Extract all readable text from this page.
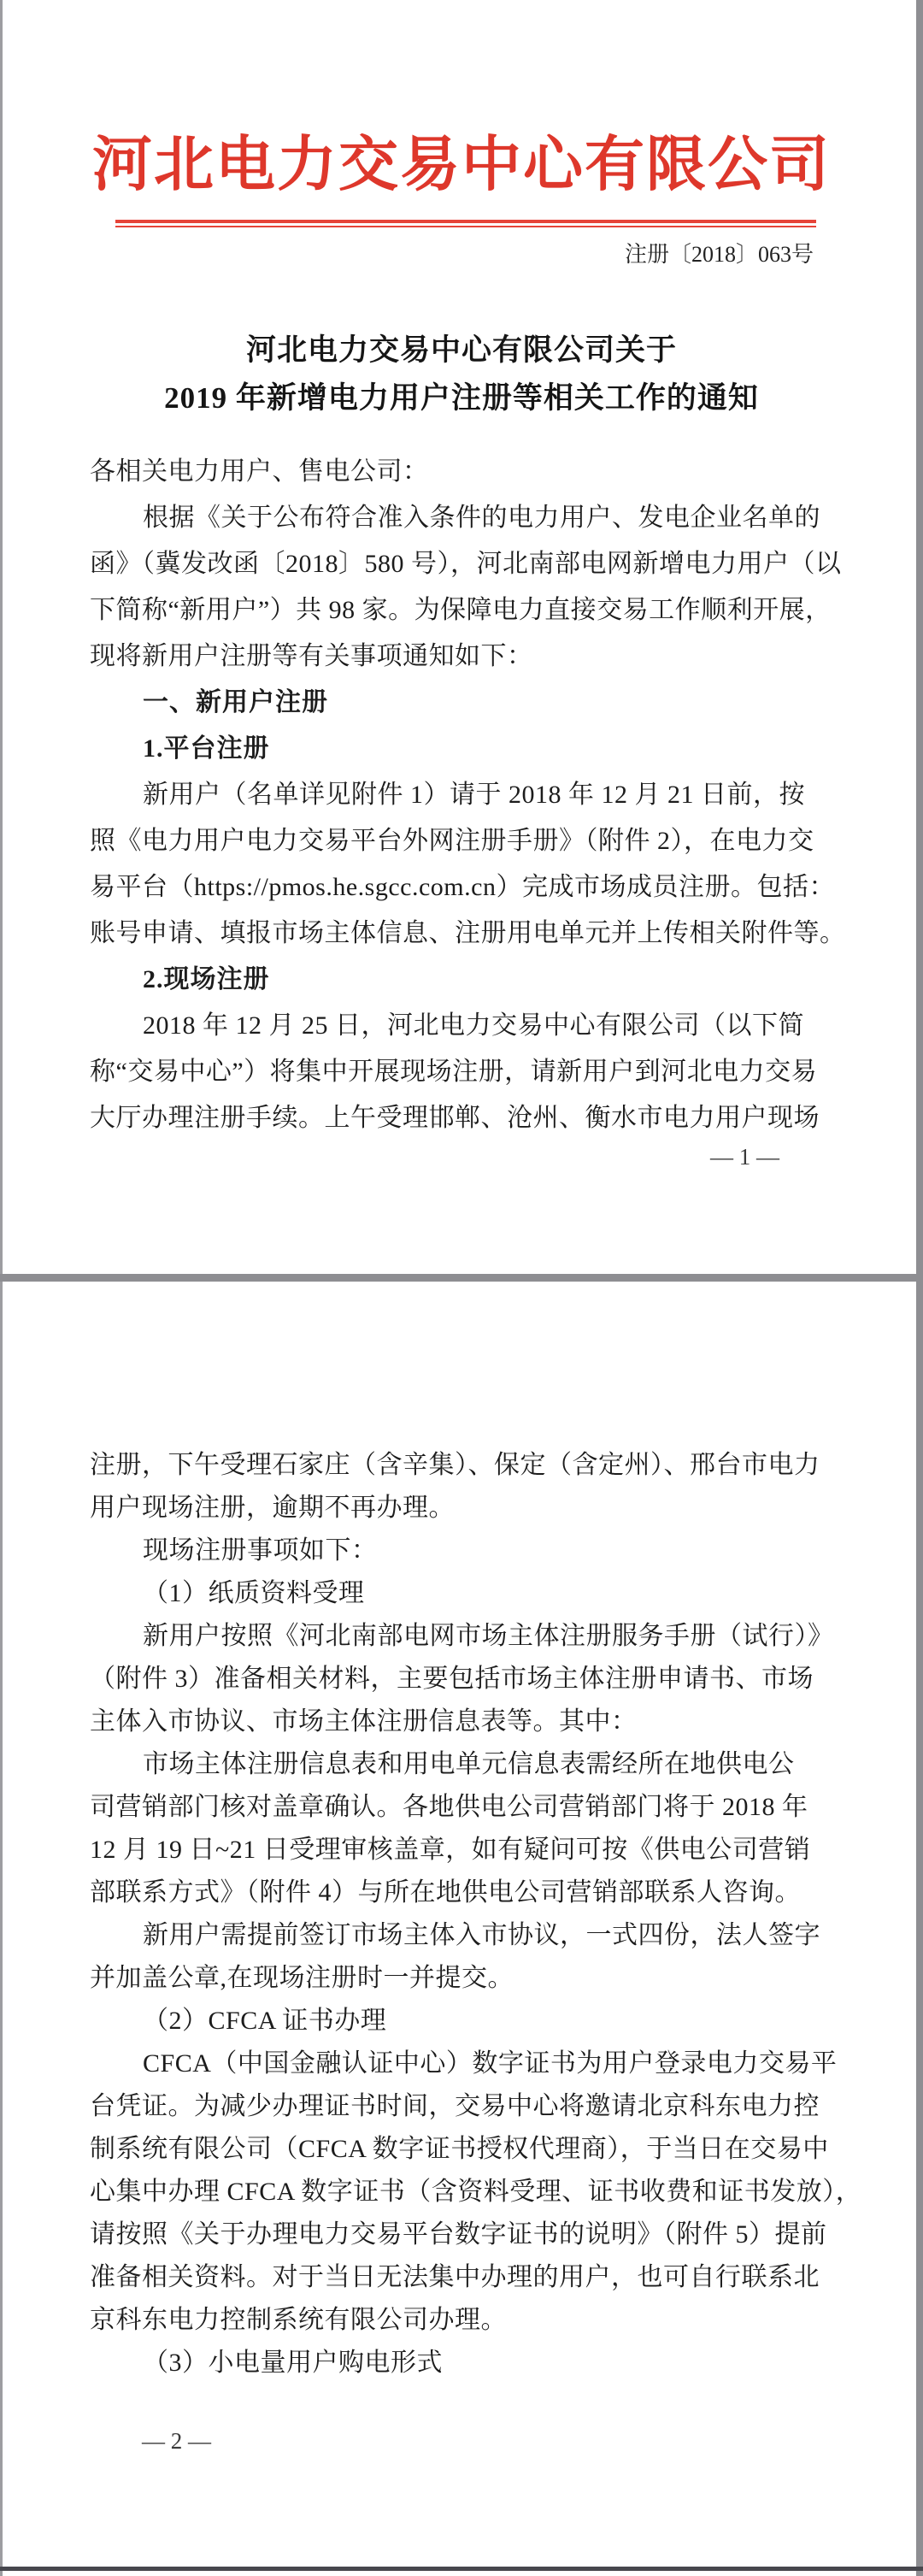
河北电力交易中心有限公司
注册〔2018〕063号
河北电力交易中心有限公司关于
2019 年新增电力用户注册等相关工作的通知
各相关电力用户、售电公司：
根据《关于公布符合准入条件的电力用户、发电企业名单的
函》（冀发改函〔2018〕580 号），河北南部电网新增电力用户（以
下简称“新用户”）共 98 家。为保障电力直接交易工作顺利开展，
现将新用户注册等有关事项通知如下：
一、新用户注册
1.平台注册
新用户（名单详见附件 1）请于 2018 年 12 月 21 日前，按
照《电力用户电力交易平台外网注册手册》（附件 2），在电力交
易平台（https://pmos.he.sgcc.com.cn）完成市场成员注册。包括：
账号申请、填报市场主体信息、注册用电单元并上传相关附件等。
2.现场注册
2018 年 12 月 25 日，河北电力交易中心有限公司（以下简
称“交易中心”）将集中开展现场注册，请新用户到河北电力交易
大厅办理注册手续。上午受理邯郸、沧州、衡水市电力用户现场
— 1 —
注册，下午受理石家庄（含辛集）、保定（含定州）、邢台市电力
用户现场注册，逾期不再办理。
现场注册事项如下：
（1）纸质资料受理
新用户按照《河北南部电网市场主体注册服务手册（试行）》
（附件 3）准备相关材料，主要包括市场主体注册申请书、市场
主体入市协议、市场主体注册信息表等。其中：
市场主体注册信息表和用电单元信息表需经所在地供电公
司营销部门核对盖章确认。各地供电公司营销部门将于 2018 年
12 月 19 日~21 日受理审核盖章，如有疑问可按《供电公司营销
部联系方式》（附件 4）与所在地供电公司营销部联系人咨询。
新用户需提前签订市场主体入市协议，一式四份，法人签字
并加盖公章,在现场注册时一并提交。
（2）CFCA 证书办理
CFCA（中国金融认证中心）数字证书为用户登录电力交易平
台凭证。为减少办理证书时间，交易中心将邀请北京科东电力控
制系统有限公司（CFCA 数字证书授权代理商），于当日在交易中
心集中办理 CFCA 数字证书（含资料受理、证书收费和证书发放），
请按照《关于办理电力交易平台数字证书的说明》（附件 5）提前
准备相关资料。对于当日无法集中办理的用户，也可自行联系北
京科东电力控制系统有限公司办理。
（3）小电量用户购电形式
— 2 —
